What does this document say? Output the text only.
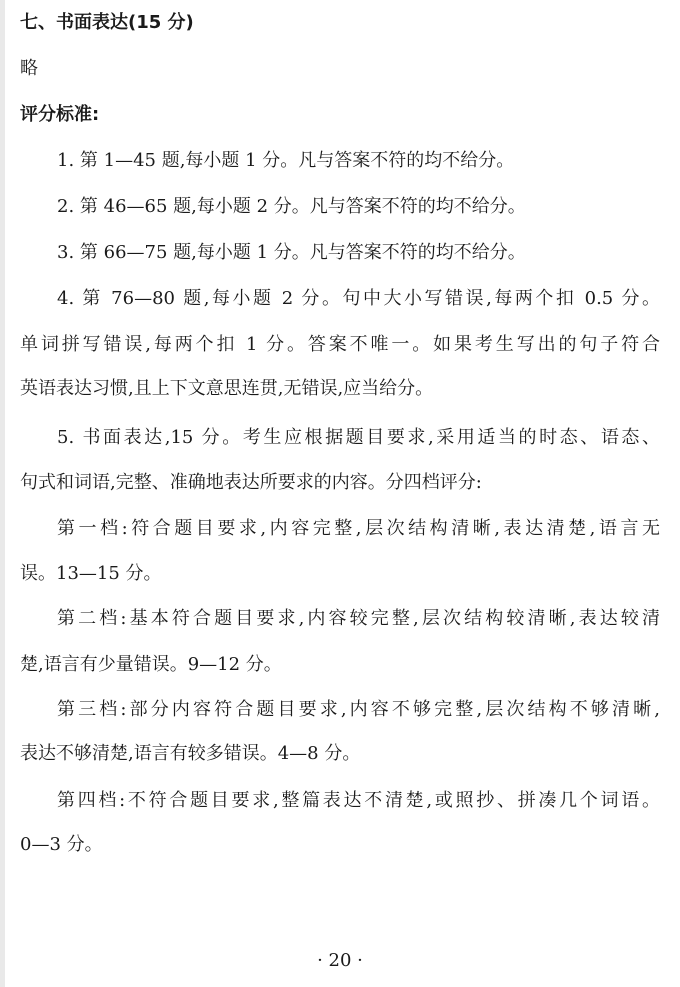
七、书面表达(15 分)
略
评分标准:
1. 第 1—45 题,每小题 1 分。凡与答案不符的均不给分。
2. 第 46—65 题,每小题 2 分。凡与答案不符的均不给分。
3. 第 66—75 题,每小题 1 分。凡与答案不符的均不给分。
4. 第 76—80 题,每小题 2 分。句中大小写错误,每两个扣 0.5 分。
单词拼写错误,每两个扣 1 分。答案不唯一。如果考生写出的句子符合
英语表达习惯,且上下文意思连贯,无错误,应当给分。
5. 书面表达,15 分。考生应根据题目要求,采用适当的时态、语态、
句式和词语,完整、准确地表达所要求的内容。分四档评分:
第一档:符合题目要求,内容完整,层次结构清晰,表达清楚,语言无
误。13—15 分。
第二档:基本符合题目要求,内容较完整,层次结构较清晰,表达较清
楚,语言有少量错误。9—12 分。
第三档:部分内容符合题目要求,内容不够完整,层次结构不够清晰,
表达不够清楚,语言有较多错误。4—8 分。
第四档:不符合题目要求,整篇表达不清楚,或照抄、拼凑几个词语。
0—3 分。
· 20 ·
